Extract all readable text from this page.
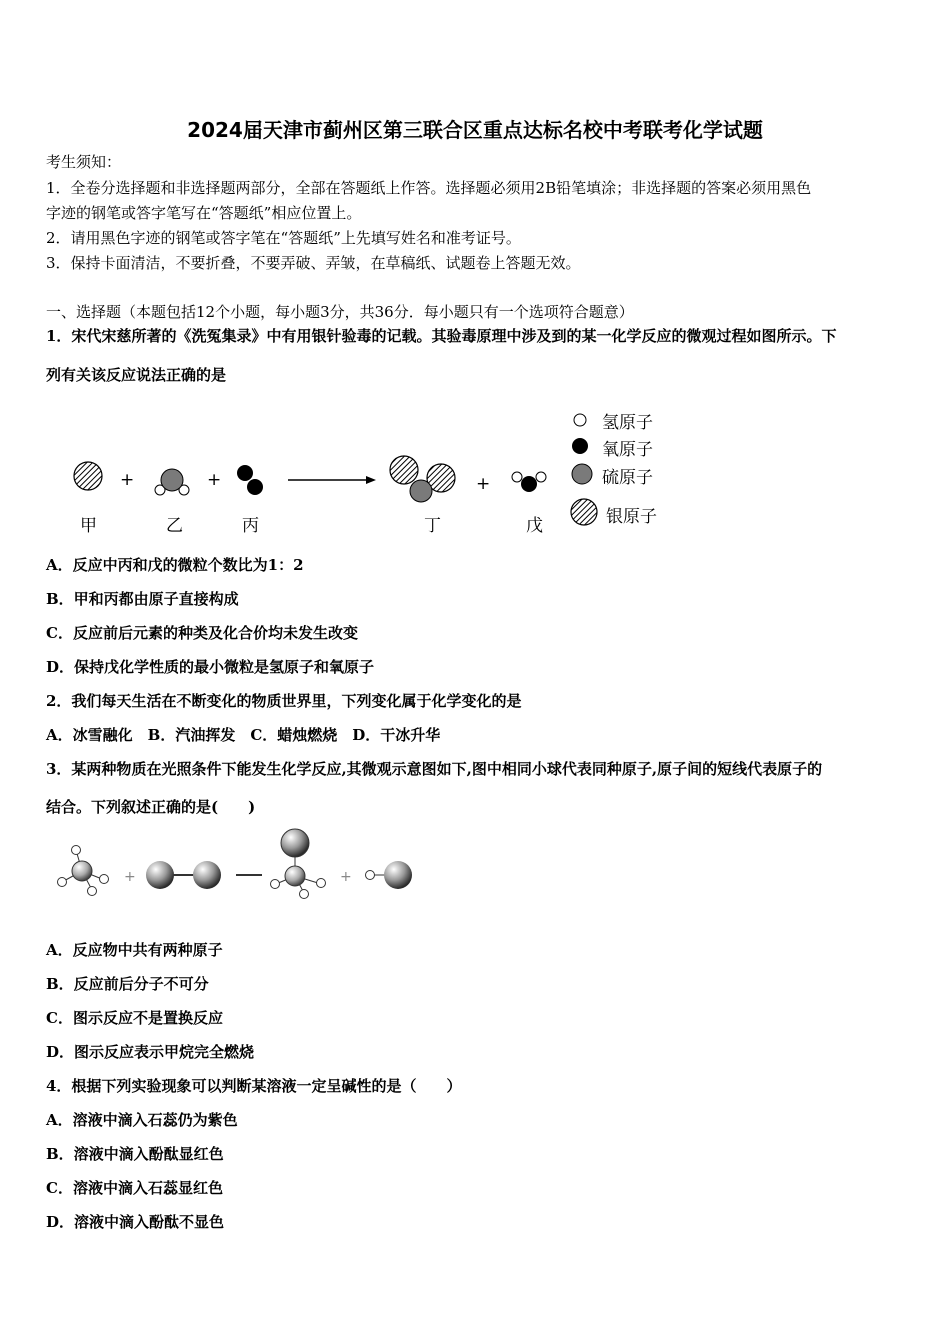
2024届天津市蓟州区第三联合区重点达标名校中考联考化学试题
考生须知：
1．全卷分选择题和非选择题两部分，全部在答题纸上作答。选择题必须用2B铅笔填涂；非选择题的答案必须用黑色
字迹的钢笔或答字笔写在“答题纸”相应位置上。
2．请用黑色字迹的钢笔或答字笔在“答题纸”上先填写姓名和准考证号。
3．保持卡面清洁，不要折叠，不要弄破、弄皱，在草稿纸、试题卷上答题无效。
一、选择题（本题包括12个小题，每小题3分，共36分．每小题只有一个选项符合题意）
1．宋代宋慈所著的《洗冤集录》中有用银针验毒的记载。其验毒原理中涉及到的某一化学反应的微观过程如图所示。下
列有关该反应说法正确的是
+	+	+
甲	乙	丙	丁	戊
氢原子
氧原子
硫原子
银原子
A．反应中丙和戊的微粒个数比为1：2
B．甲和丙都由原子直接构成
C．反应前后元素的种类及化合价均未发生改变
D．保持戊化学性质的最小微粒是氢原子和氧原子
2．我们每天生活在不断变化的物质世界里，下列变化属于化学变化的是
A．冰雪融化　B．汽油挥发　C．蜡烛燃烧　D．干冰升华
3．某两种物质在光照条件下能发生化学反应,其微观示意图如下,图中相同小球代表同种原子,原子间的短线代表原子的
结合。下列叙述正确的是(　　)
+	+
A．反应物中共有两种原子
B．反应前后分子不可分
C．图示反应不是置换反应
D．图示反应表示甲烷完全燃烧
4．根据下列实验现象可以判断某溶液一定呈碱性的是（　　）
A．溶液中滴入石蕊仍为紫色
B．溶液中滴入酚酞显红色
C．溶液中滴入石蕊显红色
D．溶液中滴入酚酞不显色
